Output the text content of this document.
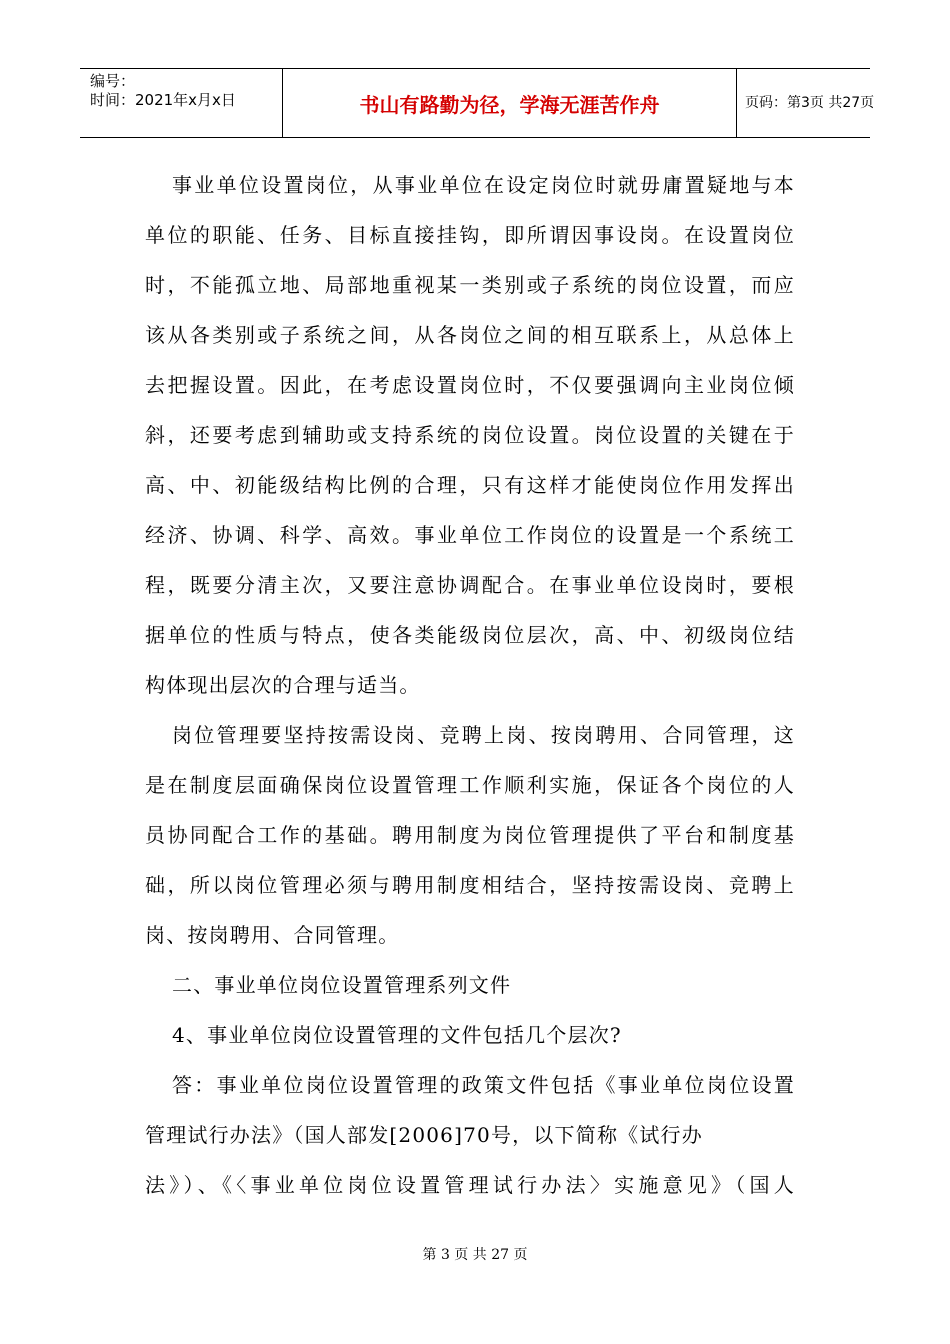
编号：
时间：2021年x月x日	书山有路勤为径，学海无涯苦作舟	页码：第3页 共27页
事业单位设置岗位，从事业单位在设定岗位时就毋庸置疑地与本
单位的职能、任务、目标直接挂钩，即所谓因事设岗。在设置岗位
时，不能孤立地、局部地重视某一类别或子系统的岗位设置，而应
该从各类别或子系统之间，从各岗位之间的相互联系上，从总体上
去把握设置。因此，在考虑设置岗位时，不仅要强调向主业岗位倾
斜，还要考虑到辅助或支持系统的岗位设置。岗位设置的关键在于
高、中、初能级结构比例的合理，只有这样才能使岗位作用发挥出
经济、协调、科学、高效。事业单位工作岗位的设置是一个系统工
程，既要分清主次，又要注意协调配合。在事业单位设岗时，要根
据单位的性质与特点，使各类能级岗位层次，高、中、初级岗位结
构体现出层次的合理与适当。
岗位管理要坚持按需设岗、竞聘上岗、按岗聘用、合同管理，这
是在制度层面确保岗位设置管理工作顺利实施，保证各个岗位的人
员协同配合工作的基础。聘用制度为岗位管理提供了平台和制度基
础，所以岗位管理必须与聘用制度相结合，坚持按需设岗、竞聘上
岗、按岗聘用、合同管理。
二、事业单位岗位设置管理系列文件
4、事业单位岗位设置管理的文件包括几个层次?
答：事业单位岗位设置管理的政策文件包括《事业单位岗位设置
管理试行办法》（国人部发[2006]70号，以下简称《试行办
法》）、《〈事业单位岗位设置管理试行办法〉实施意见》（国人
第 3 页 共 27 页
